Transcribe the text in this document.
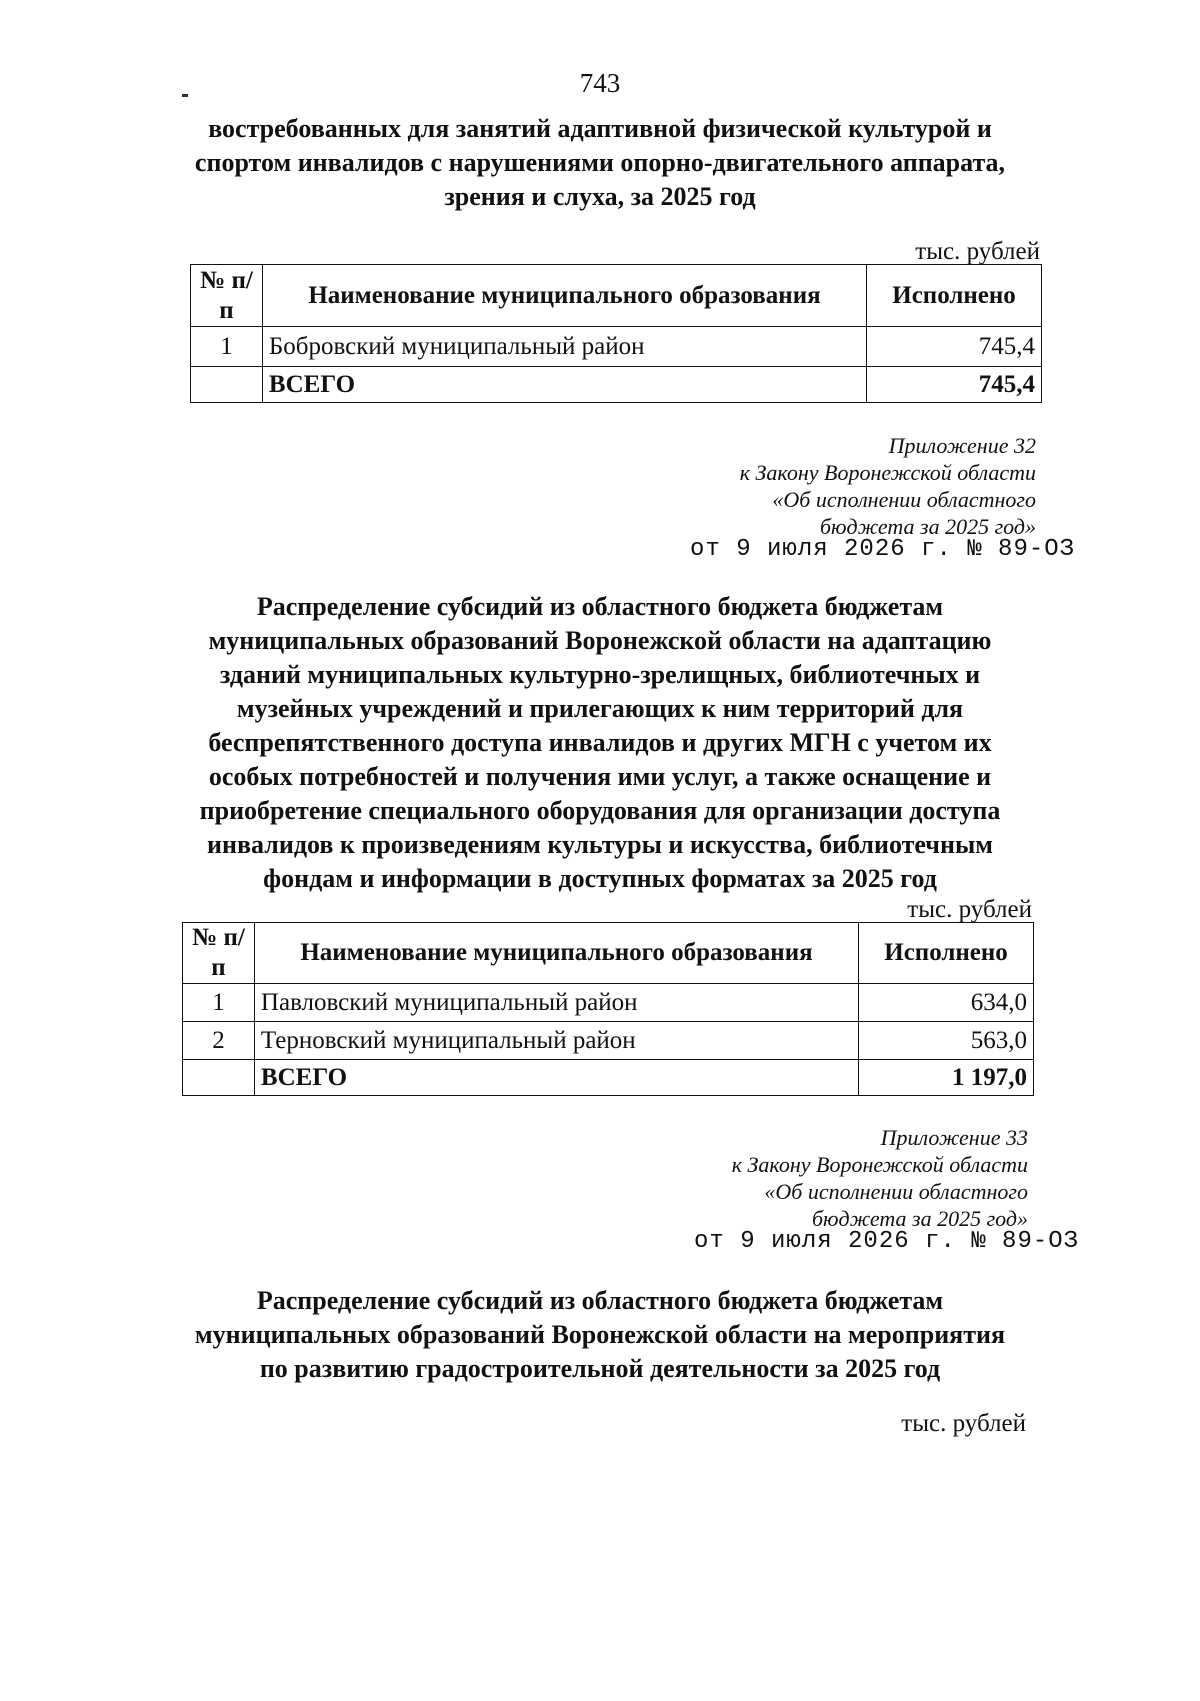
743
востребованных для занятий адаптивной физической культурой и
спортом инвалидов с нарушениями опорно-двигательного аппарата,
зрения и слуха, за 2025 год
тыс. рублей
№ п/п	Наименование муниципального образования	Исполнено
1	Бобровский муниципальный район	745,4
	ВСЕГО	745,4
Приложение 32
к Закону Воронежской области
«Об исполнении областного
бюджета за 2025 год»
от 9 июля 2026 г. № 89-ОЗ
Распределение субсидий из областного бюджета бюджетам
муниципальных образований Воронежской области на адаптацию
зданий муниципальных культурно-зрелищных, библиотечных и
музейных учреждений и прилегающих к ним территорий для
беспрепятственного доступа инвалидов и других МГН с учетом их
особых потребностей и получения ими услуг, а также оснащение и
приобретение специального оборудования для организации доступа
инвалидов к произведениям культуры и искусства, библиотечным
фондам и информации в доступных форматах за 2025 год
тыс. рублей
№ п/п	Наименование муниципального образования	Исполнено
1	Павловский муниципальный район	634,0
2	Терновский муниципальный район	563,0
	ВСЕГО	1 197,0
Приложение 33
к Закону Воронежской области
«Об исполнении областного
бюджета за 2025 год»
от 9 июля 2026 г. № 89-ОЗ
Распределение субсидий из областного бюджета бюджетам
муниципальных образований Воронежской области на мероприятия
по развитию градостроительной деятельности за 2025 год
тыс. рублей
